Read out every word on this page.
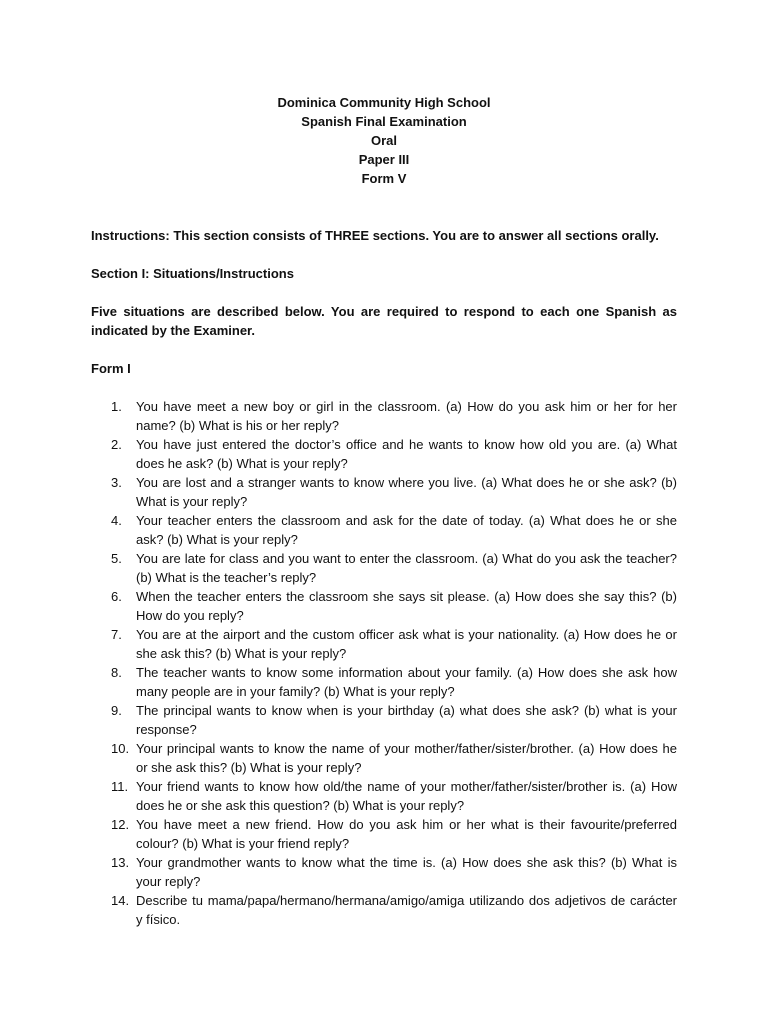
Dominica Community High School
Spanish Final Examination
Oral
Paper III
Form V
Instructions: This section consists of THREE sections. You are to answer all sections orally.
Section I: Situations/Instructions
Five situations are described below. You are required to respond to each one Spanish as indicated by the Examiner.
Form I
1.	You have meet a new boy or girl in the classroom. (a) How do you ask him or her for her name? (b) What is his or her reply?
2.	You have just entered the doctor’s office and he wants to know how old you are. (a) What does he ask? (b) What is your reply?
3.	You are lost and a stranger wants to know where you live. (a) What does he or she ask? (b) What is your reply?
4.	Your teacher enters the classroom and ask for the date of today. (a) What does he or she ask? (b) What is your reply?
5.	You are late for class and you want to enter the classroom. (a) What do you ask the teacher? (b) What is the teacher’s reply?
6.	When the teacher enters the classroom she says sit please. (a) How does she say this? (b) How do you reply?
7.	You are at the airport and the custom officer ask what is your nationality. (a) How does he or she ask this? (b) What is your reply?
8.	The teacher wants to know some information about your family. (a) How does she ask how many people are in your family? (b) What is your reply?
9.	The principal wants to know when is your birthday (a) what does she ask? (b) what is your response?
10. Your principal wants to know the name of your mother/father/sister/brother. (a) How does he or she ask this? (b) What is your reply?
11. Your friend wants to know how old/the name of your mother/father/sister/brother is. (a) How does he or she ask this question? (b) What is your reply?
12. You have meet a new friend. How do you ask him or her what is their favourite/preferred colour? (b) What is your friend reply?
13. Your grandmother wants to know what the time is. (a) How does she ask this? (b) What is your reply?
14. Describe tu mama/papa/hermano/hermana/amigo/amiga utilizando dos adjetivos de carácter y físico.
